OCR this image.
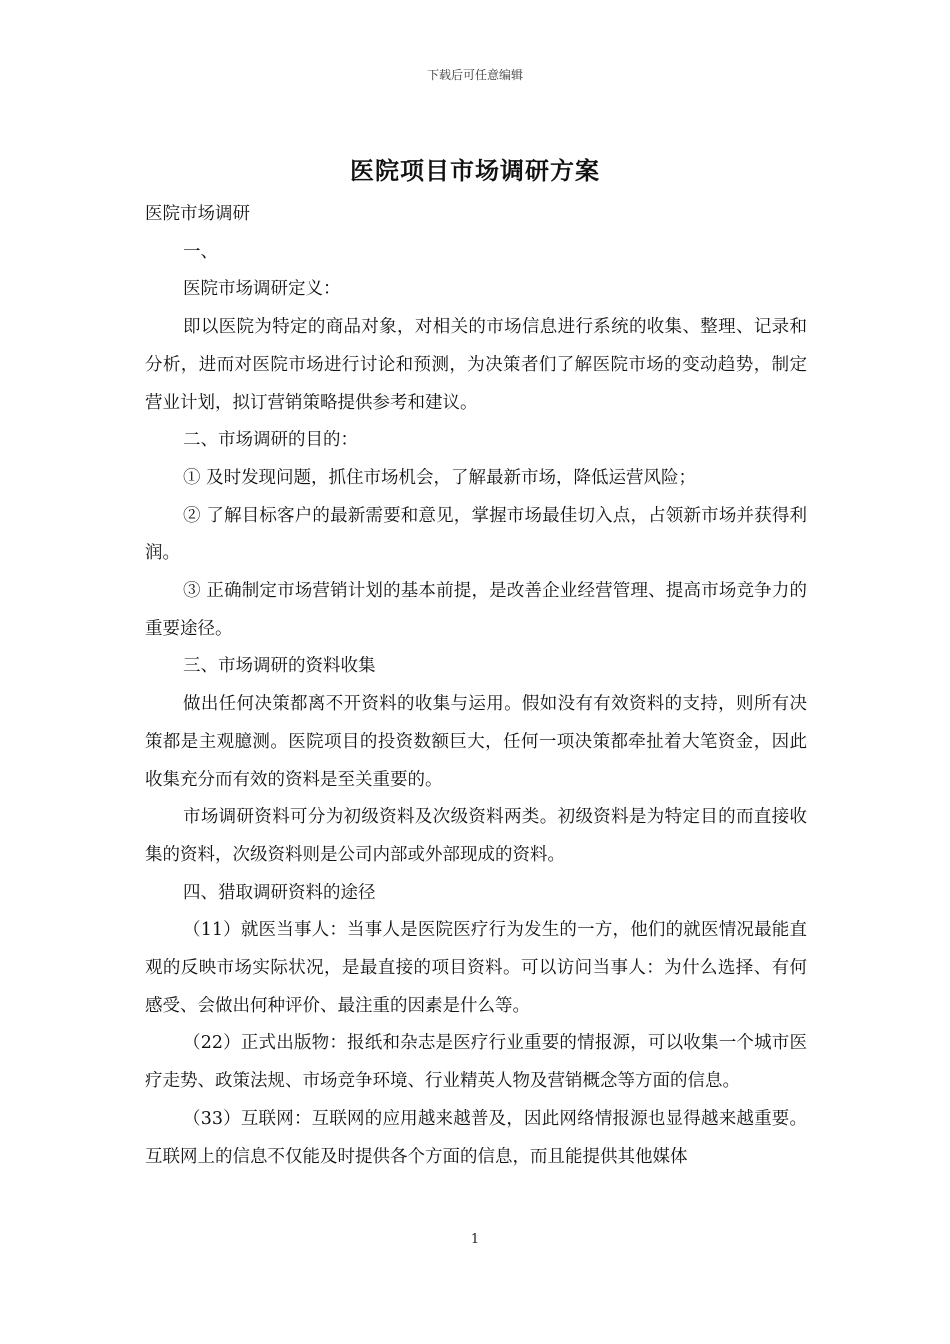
下载后可任意编辑
医院项目市场调研方案

医院市场调研

一、

医院市场调研定义：

即以医院为特定的商品对象，对相关的市场信息进行系统的收集、整理、记录和分析，进而对医院市场进行讨论和预测，为决策者们了解医院市场的变动趋势，制定营业计划，拟订营销策略提供参考和建议。

二、市场调研的目的：

① 及时发现问题，抓住市场机会，了解最新市场，降低运营风险；

② 了解目标客户的最新需要和意见，掌握市场最佳切入点，占领新市场并获得利润。

③ 正确制定市场营销计划的基本前提，是改善企业经营管理、提高市场竞争力的重要途径。

三、市场调研的资料收集

做出任何决策都离不开资料的收集与运用。假如没有有效资料的支持，则所有决策都是主观臆测。医院项目的投资数额巨大，任何一项决策都牵扯着大笔资金，因此收集充分而有效的资料是至关重要的。

市场调研资料可分为初级资料及次级资料两类。初级资料是为特定目的而直接收集的资料，次级资料则是公司内部或外部现成的资料。

四、猎取调研资料的途径

（11）就医当事人：当事人是医院医疗行为发生的一方，他们的就医情况最能直观的反映市场实际状况，是最直接的项目资料。可以访问当事人：为什么选择、有何感受、会做出何种评价、最注重的因素是什么等。

（22）正式出版物：报纸和杂志是医疗行业重要的情报源，可以收集一个城市医疗走势、政策法规、市场竞争环境、行业精英人物及营销概念等方面的信息。

（33）互联网：互联网的应用越来越普及，因此网络情报源也显得越来越重要。互联网上的信息不仅能及时提供各个方面的信息，而且能提供其他媒体

1
